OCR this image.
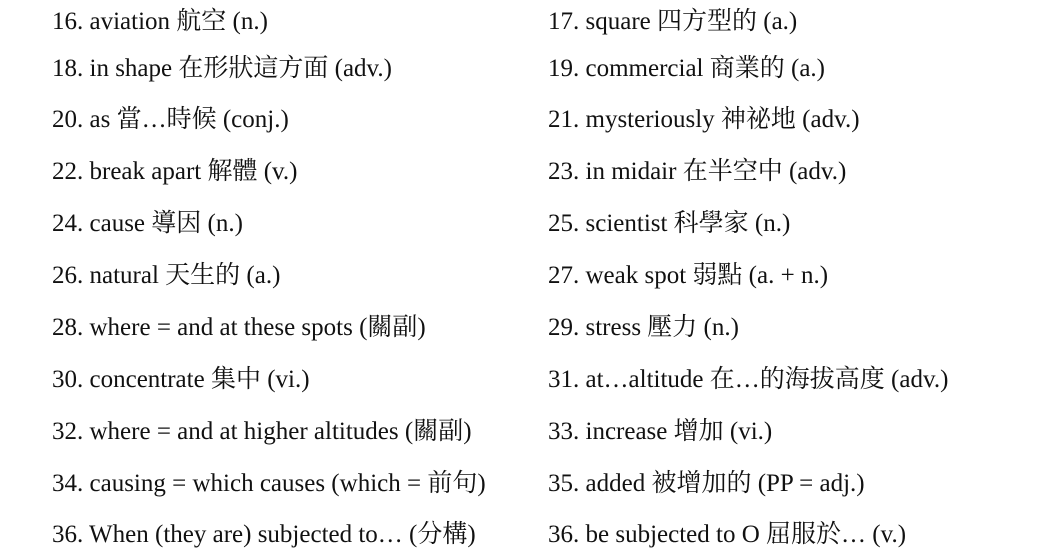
16. aviation 航空 (n.)
18. in shape 在形狀這方面 (adv.)
20. as 當…時候 (conj.)
22. break apart 解體 (v.)
24. cause 導因 (n.)
26. natural 天生的 (a.)
28. where = and at these spots (關副)
30. concentrate 集中 (vi.)
32. where = and at higher altitudes (關副)
34. causing = which causes (which = 前句)
36. When (they are) subjected to… (分構)
17. square 四方型的 (a.)
19. commercial 商業的 (a.)
21. mysteriously 神祕地 (adv.)
23. in midair 在半空中 (adv.)
25. scientist 科學家 (n.)
27. weak spot 弱點 (a. + n.)
29. stress 壓力 (n.)
31. at…altitude 在…的海拔高度 (adv.)
33. increase 增加 (vi.)
35. added 被增加的 (PP = adj.)
36. be subjected to O 屈服於… (v.)
